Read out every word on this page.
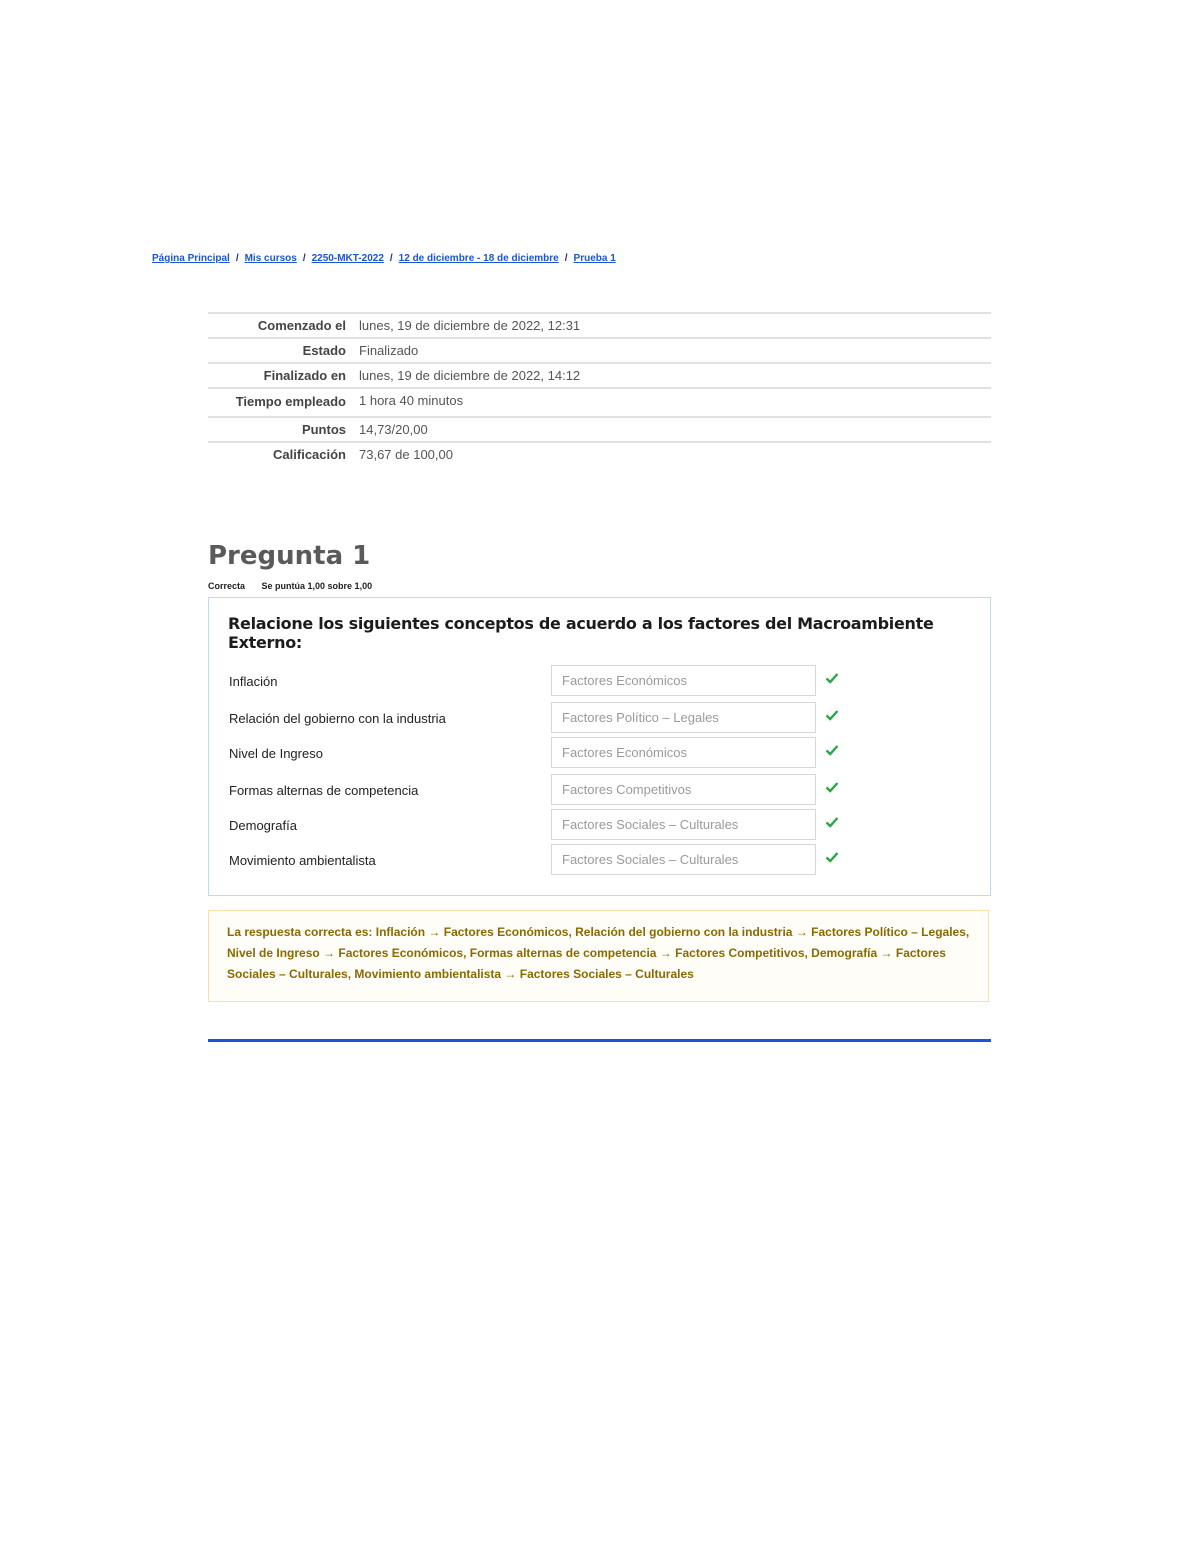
Página Principal / Mis cursos / 2250-MKT-2022 / 12 de diciembre - 18 de diciembre / Prueba 1
Comenzado el	lunes, 19 de diciembre de 2022, 12:31
Estado	Finalizado
Finalizado en	lunes, 19 de diciembre de 2022, 14:12
Tiempo empleado	1 hora 40 minutos
Puntos	14,73/20,00
Calificación	73,67 de 100,00
Pregunta 1
Correcta Se puntúa 1,00 sobre 1,00
Relacione los siguientes conceptos de acuerdo a los factores del Macroambiente Externo:
Inflación	Factores Económicos
Relación del gobierno con la industria	Factores Político – Legales
Nivel de Ingreso	Factores Económicos
Formas alternas de competencia	Factores Competitivos
Demografía	Factores Sociales – Culturales
Movimiento ambientalista	Factores Sociales – Culturales
La respuesta correcta es: Inflación → Factores Económicos, Relación del gobierno con la industria → Factores Político – Legales, Nivel de Ingreso → Factores Económicos, Formas alternas de competencia → Factores Competitivos, Demografía → Factores Sociales – Culturales, Movimiento ambientalista → Factores Sociales – Culturales
